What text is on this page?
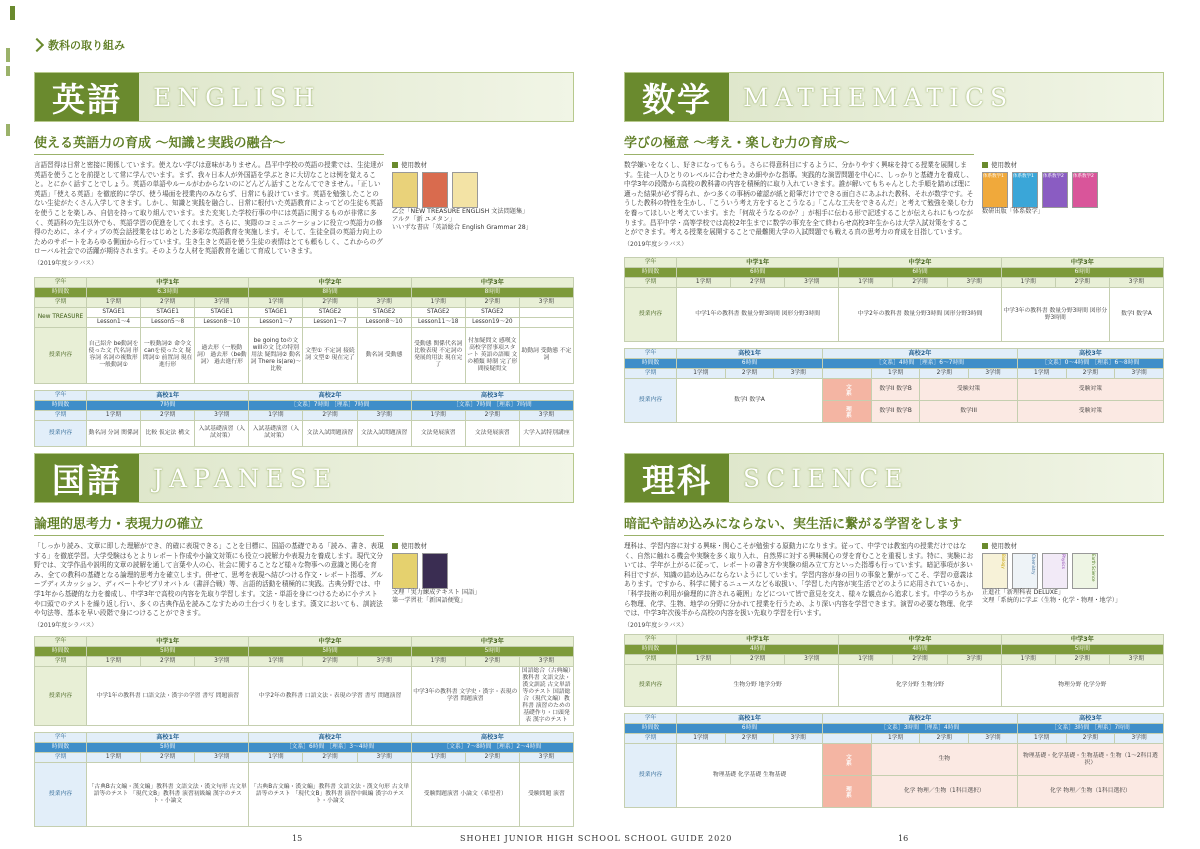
教科の取り組み
英語	ENGLISH
使える英語力の育成 〜知識と実践の融合〜
言語習得は日常と密接に関係しています。使えない学びは意味がありません。昌平中学校の英語の授業では、生徒達が英語を使うことを前提として常に学んでいます。まず、我々日本人が外国語を学ぶときに大切なことは例を覚えること。とにかく話すことでしょう。英語の単語やルールがわからないのにどんどん話すことなんてできません。「正しい英語」「使える英語」を徹底的に学び、使う場面を授業内のみならず、日常にも設けています。英語を勉強したことのない生徒がたくさん入学してきます。しかし、知識と実践を融合し、日常に根付いた英語教育によってどの生徒も英語を使うことを楽しみ、自信を持って取り組んでいます。また充実した学校行事の中には英語に関するものが非常に多く、英語科の先生以外でも、英語学習の促進をしてくれます。さらに、実際のコミュニケーションに役立つ英語力の修得のために、ネイティブの英会話授業をはじめとした多彩な英語教育を実施します。そして、生徒全員の英語力向上のためのサポートをあらゆる側面から行っています。生き生きと英語を使う生徒の表情はとても頼もしく、これからのグローバル社会での活躍が期待されます。そのような人材を英語教育を通じて育成していきます。
（2019年度シラバス）
使用教材
乙会「NEW TREASURE ENGLISH 文法問題集」
アルク「新 ユメタン」
いいずな書店「英語総合 English Grammar 28」
学年	中学1年			中学2年			中学3年		
時間数	6.3時間			8時間			8時間		
学期	1学期	2学期	3学期	1学期	2学期	3学期	1学期	2学期	3学期
New TREASURE	STAGE1	STAGE1	STAGE1	STAGE1	STAGE2	STAGE2	STAGE2	STAGE2	
	Lesson1〜4	Lesson5〜8	Lesson8〜10	Lesson1〜7	Lesson1〜7	Lesson8〜10	Lesson11〜18	Lesson19〜20	
授業内容	自己紹介 be動詞を使った文 代名詞 形容詞 名詞の複数形 一般動詞①	一般動詞② 命令文 canを使った文 疑問詞① 前置詞 現在進行形	過去形（一般動詞） 過去形（be動詞） 過去進行形	be going toの文 willの文 比の特別用法 疑問詞② 動名詞 There is(are)〜 比較	文型① 不定詞 接続詞 文型② 現在完了	動名詞 受動態	受動態 関係代名詞 比較表現 不定詞の発展的用法 現在完了	付加疑問文 感嘆文 高校学習事項スタート 英語の語順 文の種類 時制 完了形 間接疑問文	助動詞 受動態 不定詞
学年	高校1年			高校2年			高校3年		
時間数	7時間			［文系］7時間 ［理系］7時間			［文系］7時間 ［理系］7時間		
学期	1学期	2学期	3学期	1学期	2学期	3学期	1学期	2学期	3学期
授業内容	動名詞 分詞 関係詞	比較 仮定法 構文	入試基礎演習（入試対策）	入試基礎演習（入試対策）	文法入試問題演習	文法入試問題演習	文法発展演習	文法発展演習	大学入試特別講座
国語	JAPANESE
論理的思考力・表現力の確立
「しっかり読み、文章に即した理解ができ、的確に表現できる」ことを目標に、国語の基礎である「読み、書き、表現する」を徹底学習。大学受験はもとよりレポート作成や小論文対策にも役立つ読解力や表現力を養成します。現代文分野では、文学作品や説明的文章の読解を通して言葉や人の心、社会に関することなど様々な物事への意識と関心を育み、全ての教科の基礎となる論理的思考力を確立します。併せて、思考を表現へ結びつける作文・レポート指導、グループディスカッション、ディベートやビブリオバトル（書評合戦）等、言語的活動を積極的に実践。古典分野では、中学1年から基礎的な力を養成し、中学3年で高校の内容を先取り学習します。文法・単語を身につけるために小テストや口頭でのテストを繰り返し行い、多くの古典作品を読みこなすための土台づくりをします。漢文においても、訓読法や句法等、基本を早い段階で身につけることができます。
（2019年度シラバス）
使用教材
文理「実力練成テキスト 国語」
第一学習社「新国語便覧」
学年	中学1年			中学2年			中学3年		
時間数	5時間			5時間			5時間		
学期	1学期	2学期	3学期	1学期	2学期	3学期	1学期	2学期	3学期
授業内容	中学1年の教科書 口語文法・漢字の学習 書写 問題演習			中学2年の教科書 口語文法・表現の学習 書写 問題演習			中学3年の教科書 文学史・漢字・表現の学習 問題演習		国語総合（古典編）教科書 文語文法・漢文訓読 古文単語等のテスト 国語総合（現代文編）教科書 演習のための基礎作り・口頭発表 漢字のテスト
学年	高校1年			高校2年			高校3年		
時間数	5時間			［文系］6時間 ［理系］3〜4時間			［文系］7〜8時間 ［理系］2〜4時間		
学期	1学期	2学期	3学期	1学期	2学期	3学期	1学期	2学期	3学期
授業内容	「古典B古文編・漢文編」教科書 文語文法・漢文句形 古文単語等のテスト 「現代文B」教科書 演習初級編 漢字のテスト・小論文			「古典B古文編・漢文編」教科書 文語文法・漢文句形 古文単語等のテスト 「現代文B」教科書 演習中級編 漢字のテスト・小論文			受験問題演習 小論文（希望者）		受験問題 演習
15
数学	MATHEMATICS
学びの極意 〜考え・楽しむ力の育成〜
数学嫌いをなくし、好きになってもらう。さらに得意科目にするように、分かりやすく興味を持てる授業を展開します。生徒一人ひとりのレベルに合わせたきめ細やかな指導。実践的な演習問題を中心に、しっかりと基礎力を養成し、中学3年の段階から高校の教科書の内容を積極的に取り入れていきます。誰が解いてもちゃんとした手順を踏めば理に適った結果が必ず得られ、かつ多くの事柄の確認が紙と鉛筆だけでできる面白さにあふれた教科、それが数学です。そうした教科の特性を生かし、「こういう考え方をするとこうなる」「こんな工夫をできるんだ」と考えて勉強を楽しむ力を養ってほしいと考えています。また「何故そうなるのか？」が相手に伝わる形で記述することが伝えられにもつながります。昌平中学・高等学校では高校2年生までに数学の事充を全て終わらせ高校3年生からは大学入試対策をすることができます。考える授業を展開することで最難関大学の入試問題でも戦える真の思考力の育成を目指しています。
（2019年度シラバス）
使用教材
体系数学1	体系数学1	体系数学2	体系数学2
数研出版「体系数学」
学年	中学1年			中学2年			中学3年		
時間数	6時間			6時間			6時間		
学期	1学期	2学期	3学期	1学期	2学期	3学期	1学期	2学期	3学期
授業内容	中学1年の教科書 数量分野3時間 図形分野3時間			中学2年の教科書 数量分野3時間 図形分野3時間			中学3年の教科書 数量分野3時間 図形分野3時間		数学I 数学A
学年	高校1年			高校2年				高校3年		
時間数	6時間			［文系］4時間 ［理系］6〜7時間				［文系］0〜4時間 ［理系］6〜8時間		
学期	1学期	2学期	3学期		1学期	2学期	3学期	1学期	2学期	3学期
授業内容	数学I 数学A			文系	数学II 数学B	受験対策		受験対策		
				理系	数学II 数学B	数学III		受験対策		
理科	SCIENCE
暗記や詰め込みにならない、実生活に繋がる学習をします
理科は、学習内容に対する興味・関心こそが勉強する原動力になります。従って、中学では教室内の授業だけではなく、自然に触れる機会や実験を多く取り入れ、自然界に対する興味関心の芽を育むことを重視します。特に、実験においては、学年が上がるに従って、レポートの書き方や実験の組み立て方といった指導も行っています。暗記事項が多い科目ですが、知識の詰め込みにならないようにしています。学習内容が身の回りの事象と繋がってこそ、学習の意義はあります。ですから、科学に関するニュースなども取扱い、「学習した内容が実生活でどのように応用されているか」、「科学技術の利用が倫理的に許される範囲」などについて皆で意見を交え、様々な観点から追求します。中学のうちから物理、化学、生物、地学の分野に分かれて授業を行うため、より深い内容を学習できます。演習の必要な物理、化学では、中学3年次後半から高校の内容を扱い先取り学習を行います。
（2019年度シラバス）
使用教材
Biology	Chemistry	Physics	Earth Science
正進社「新理科表 DELUXE」
文理「系統的に学ぶ（生物・化学・物理・地学）」
学年	中学1年			中学2年			中学3年		
時間数	4時間			4時間			5時間		
学期	1学期	2学期	3学期	1学期	2学期	3学期	1学期	2学期	3学期
授業内容	生物分野 地学分野			化学分野 生物分野			物理分野 化学分野		
学年	高校1年			高校2年				高校3年		
時間数	6時間			［文系］3時間 ［理系］4時間				［文系］3時間 ［理系］7時間		
学期	1学期	2学期	3学期		1学期	2学期	3学期	1学期	2学期	3学期
授業内容	物理基礎 化学基礎 生物基礎			文系	生物			物理基礎・化学基礎・生物基礎・生物（1〜2科目選択）		
				理系	化学 物理／生物（1科目選択）			化学 物理／生物（1科目選択）		
16
SHOHEI JUNIOR HIGH SCHOOL SCHOOL GUIDE 2020
